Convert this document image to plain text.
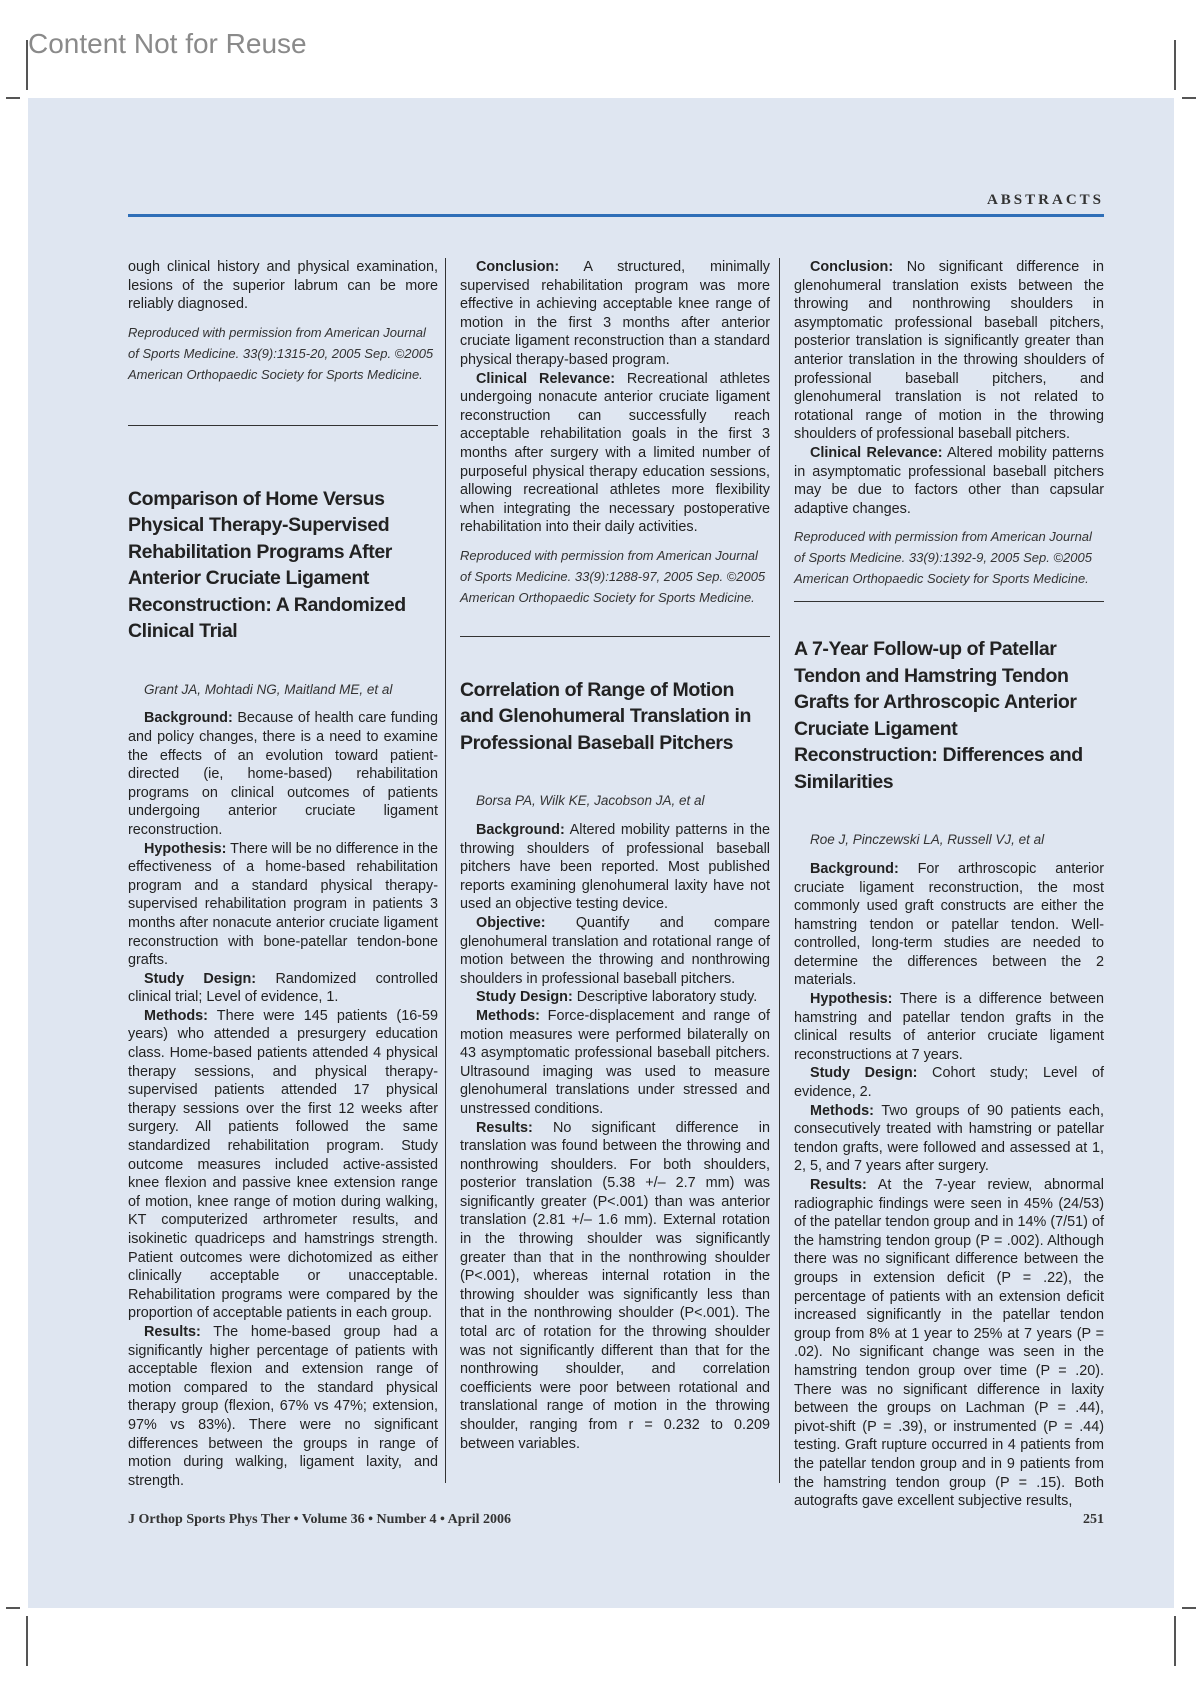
Content Not for Reuse
ABSTRACTS

ough clinical history and physical examination, lesions of the superior labrum can be more reliably diagnosed.

Reproduced with permission from American Journal of Sports Medicine. 33(9):1315-20, 2005 Sep. ©2005 American Orthopaedic Society for Sports Medicine.

Comparison of Home Versus Physical Therapy-Supervised Rehabilitation Programs After Anterior Cruciate Ligament Reconstruction: A Randomized Clinical Trial

Grant JA, Mohtadi NG, Maitland ME, et al

Background: Because of health care funding and policy changes, there is a need to examine the effects of an evolution toward patient-directed (ie, home-based) rehabilitation programs on clinical outcomes of patients undergoing anterior cruciate ligament reconstruction.

Hypothesis: There will be no difference in the effectiveness of a home-based rehabilitation program and a standard physical therapy-supervised rehabilitation program in patients 3 months after nonacute anterior cruciate ligament reconstruction with bone-patellar tendon-bone grafts.

Study Design: Randomized controlled clinical trial; Level of evidence, 1.

Methods: There were 145 patients (16-59 years) who attended a presurgery education class. Home-based patients attended 4 physical therapy sessions, and physical therapy-supervised patients attended 17 physical therapy sessions over the first 12 weeks after surgery. All patients followed the same standardized rehabilitation program. Study outcome measures included active-assisted knee flexion and passive knee extension range of motion, knee range of motion during walking, KT computerized arthrometer results, and isokinetic quadriceps and hamstrings strength. Patient outcomes were dichotomized as either clinically acceptable or unacceptable. Rehabilitation programs were compared by the proportion of acceptable patients in each group.

Results: The home-based group had a significantly higher percentage of patients with acceptable flexion and extension range of motion compared to the standard physical therapy group (flexion, 67% vs 47%; extension, 97% vs 83%). There were no significant differences between the groups in range of motion during walking, ligament laxity, and strength.

Conclusion: A structured, minimally supervised rehabilitation program was more effective in achieving acceptable knee range of motion in the first 3 months after anterior cruciate ligament reconstruction than a standard physical therapy-based program.

Clinical Relevance: Recreational athletes undergoing nonacute anterior cruciate ligament reconstruction can successfully reach acceptable rehabilitation goals in the first 3 months after surgery with a limited number of purposeful physical therapy education sessions, allowing recreational athletes more flexibility when integrating the necessary postoperative rehabilitation into their daily activities.

Reproduced with permission from American Journal of Sports Medicine. 33(9):1288-97, 2005 Sep. ©2005 American Orthopaedic Society for Sports Medicine.

Correlation of Range of Motion and Glenohumeral Translation in Professional Baseball Pitchers

Borsa PA, Wilk KE, Jacobson JA, et al

Background: Altered mobility patterns in the throwing shoulders of professional baseball pitchers have been reported. Most published reports examining glenohumeral laxity have not used an objective testing device.

Objective: Quantify and compare glenohumeral translation and rotational range of motion between the throwing and nonthrowing shoulders in professional baseball pitchers.

Study Design: Descriptive laboratory study.

Methods: Force-displacement and range of motion measures were performed bilaterally on 43 asymptomatic professional baseball pitchers. Ultrasound imaging was used to measure glenohumeral translations under stressed and unstressed conditions.

Results: No significant difference in translation was found between the throwing and nonthrowing shoulders. For both shoulders, posterior translation (5.38 +/– 2.7 mm) was significantly greater (P<.001) than was anterior translation (2.81 +/– 1.6 mm). External rotation in the throwing shoulder was significantly greater than that in the nonthrowing shoulder (P<.001), whereas internal rotation in the throwing shoulder was significantly less than that in the nonthrowing shoulder (P<.001). The total arc of rotation for the throwing shoulder was not significantly different than that for the nonthrowing shoulder, and correlation coefficients were poor between rotational and translational range of motion in the throwing shoulder, ranging from r = 0.232 to 0.209 between variables.

Conclusion: No significant difference in glenohumeral translation exists between the throwing and nonthrowing shoulders in asymptomatic professional baseball pitchers, posterior translation is significantly greater than anterior translation in the throwing shoulders of professional baseball pitchers, and glenohumeral translation is not related to rotational range of motion in the throwing shoulders of professional baseball pitchers.

Clinical Relevance: Altered mobility patterns in asymptomatic professional baseball pitchers may be due to factors other than capsular adaptive changes.

Reproduced with permission from American Journal of Sports Medicine. 33(9):1392-9, 2005 Sep. ©2005 American Orthopaedic Society for Sports Medicine.

A 7-Year Follow-up of Patellar Tendon and Hamstring Tendon Grafts for Arthroscopic Anterior Cruciate Ligament Reconstruction: Differences and Similarities

Roe J, Pinczewski LA, Russell VJ, et al

Background: For arthroscopic anterior cruciate ligament reconstruction, the most commonly used graft constructs are either the hamstring tendon or patellar tendon. Well-controlled, long-term studies are needed to determine the differences between the 2 materials.

Hypothesis: There is a difference between hamstring and patellar tendon grafts in the clinical results of anterior cruciate ligament reconstructions at 7 years.

Study Design: Cohort study; Level of evidence, 2.

Methods: Two groups of 90 patients each, consecutively treated with hamstring or patellar tendon grafts, were followed and assessed at 1, 2, 5, and 7 years after surgery.

Results: At the 7-year review, abnormal radiographic findings were seen in 45% (24/53) of the patellar tendon group and in 14% (7/51) of the hamstring tendon group (P = .002). Although there was no significant difference between the groups in extension deficit (P = .22), the percentage of patients with an extension deficit increased significantly in the patellar tendon group from 8% at 1 year to 25% at 7 years (P = .02). No significant change was seen in the hamstring tendon group over time (P = .20). There was no significant difference in laxity between the groups on Lachman (P = .44), pivot-shift (P = .39), or instrumented (P = .44) testing. Graft rupture occurred in 4 patients from the patellar tendon group and in 9 patients from the hamstring tendon group (P = .15). Both autografts gave excellent subjective results,

J Orthop Sports Phys Ther • Volume 36 • Number 4 • April 2006	251
